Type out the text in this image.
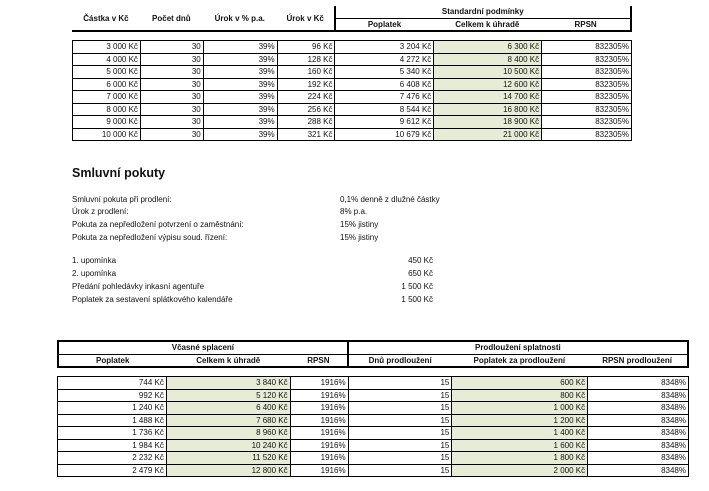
Částka v Kč	Počet dnů	Úrok v % p.a.	Úrok v Kč	Standardní podmínky		
				Poplatek	Celkem k úhradě	RPSN
3 000 Kč	30	39%	96 Kč	3 204 Kč	6 300 Kč	832305%
4 000 Kč	30	39%	128 Kč	4 272 Kč	8 400 Kč	832305%
5 000 Kč	30	39%	160 Kč	5 340 Kč	10 500 Kč	832305%
6 000 Kč	30	39%	192 Kč	6 408 Kč	12 600 Kč	832305%
7 000 Kč	30	39%	224 Kč	7 476 Kč	14 700 Kč	832305%
8 000 Kč	30	39%	256 Kč	8 544 Kč	16 800 Kč	832305%
9 000 Kč	30	39%	288 Kč	9 612 Kč	18 900 Kč	832305%
10 000 Kč	30	39%	321 Kč	10 679 Kč	21 000 Kč	832305%
Smluvní pokuty
Smluvní pokuta při prodlení:	0,1% denně z dlužné částky
Úrok z prodlení:	8% p.a.
Pokuta za nepředložení potvrzení o zaměstnání:	15% jistiny
Pokuta za nepředložení výpisu soud. řízení:	15% jistiny
1. upomínka	450 Kč
2. upomínka	650 Kč
Předání pohledávky inkasní agentuře	1 500 Kč
Poplatek za sestavení splátkového kalendáře	1 500 Kč
Včasné splacení			Prodloužení splatnosti		
Poplatek	Celkem k úhradě	RPSN	Dnů prodloužení	Poplatek za prodloužení	RPSN prodloužení
744 Kč	3 840 Kč	1916%	15	600 Kč	8348%
992 Kč	5 120 Kč	1916%	15	800 Kč	8348%
1 240 Kč	6 400 Kč	1916%	15	1 000 Kč	8348%
1 488 Kč	7 680 Kč	1916%	15	1 200 Kč	8348%
1 736 Kč	8 960 Kč	1916%	15	1 400 Kč	8348%
1 984 Kč	10 240 Kč	1916%	15	1 600 Kč	8348%
2 232 Kč	11 520 Kč	1916%	15	1 800 Kč	8348%
2 479 Kč	12 800 Kč	1916%	15	2 000 Kč	8348%
